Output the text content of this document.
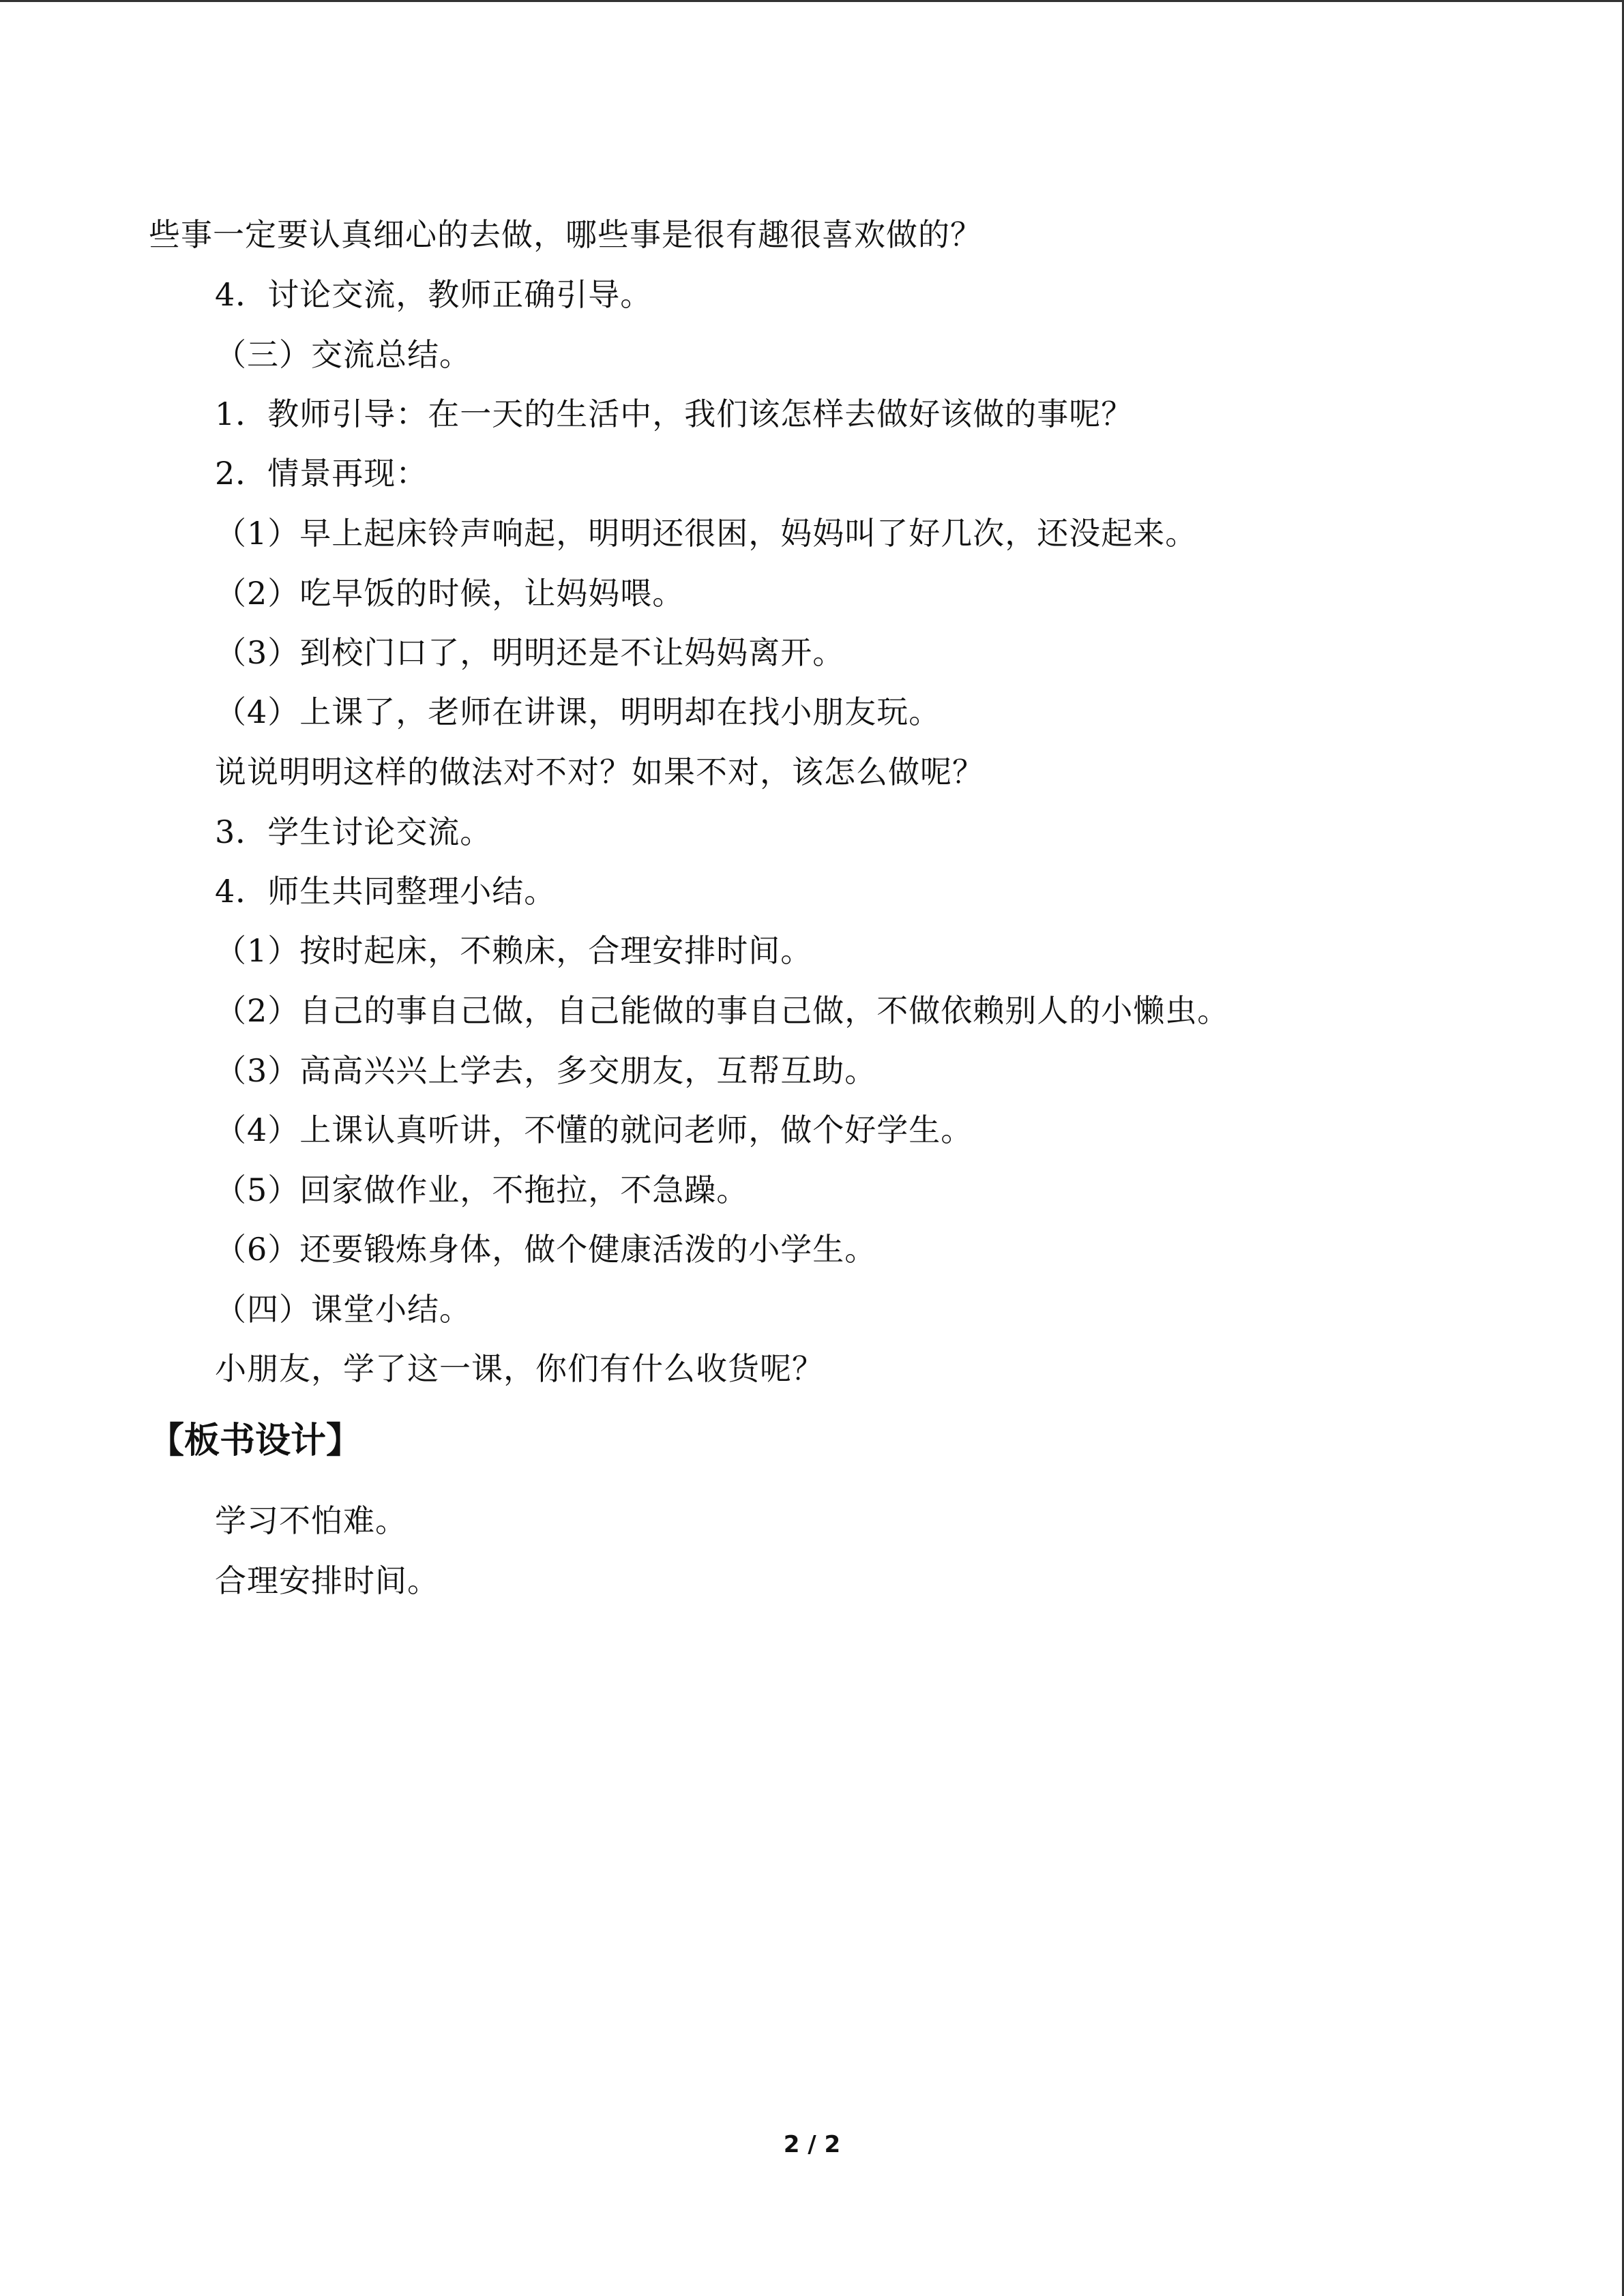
些事一定要认真细心的去做，哪些事是很有趣很喜欢做的？
4．讨论交流，教师正确引导。
（三）交流总结。
1．教师引导：在一天的生活中，我们该怎样去做好该做的事呢？
2．情景再现：
（1）早上起床铃声响起，明明还很困，妈妈叫了好几次，还没起来。
（2）吃早饭的时候，让妈妈喂。
（3）到校门口了，明明还是不让妈妈离开。
（4）上课了，老师在讲课，明明却在找小朋友玩。
说说明明这样的做法对不对？如果不对，该怎么做呢？
3．学生讨论交流。
4．师生共同整理小结。
（1）按时起床，不赖床，合理安排时间。
（2）自己的事自己做，自己能做的事自己做，不做依赖别人的小懒虫。
（3）高高兴兴上学去，多交朋友，互帮互助。
（4）上课认真听讲，不懂的就问老师，做个好学生。
（5）回家做作业，不拖拉，不急躁。
（6）还要锻炼身体，做个健康活泼的小学生。
（四）课堂小结。
小朋友，学了这一课，你们有什么收货呢？
【板书设计】
学习不怕难。
合理安排时间。
2 / 2
